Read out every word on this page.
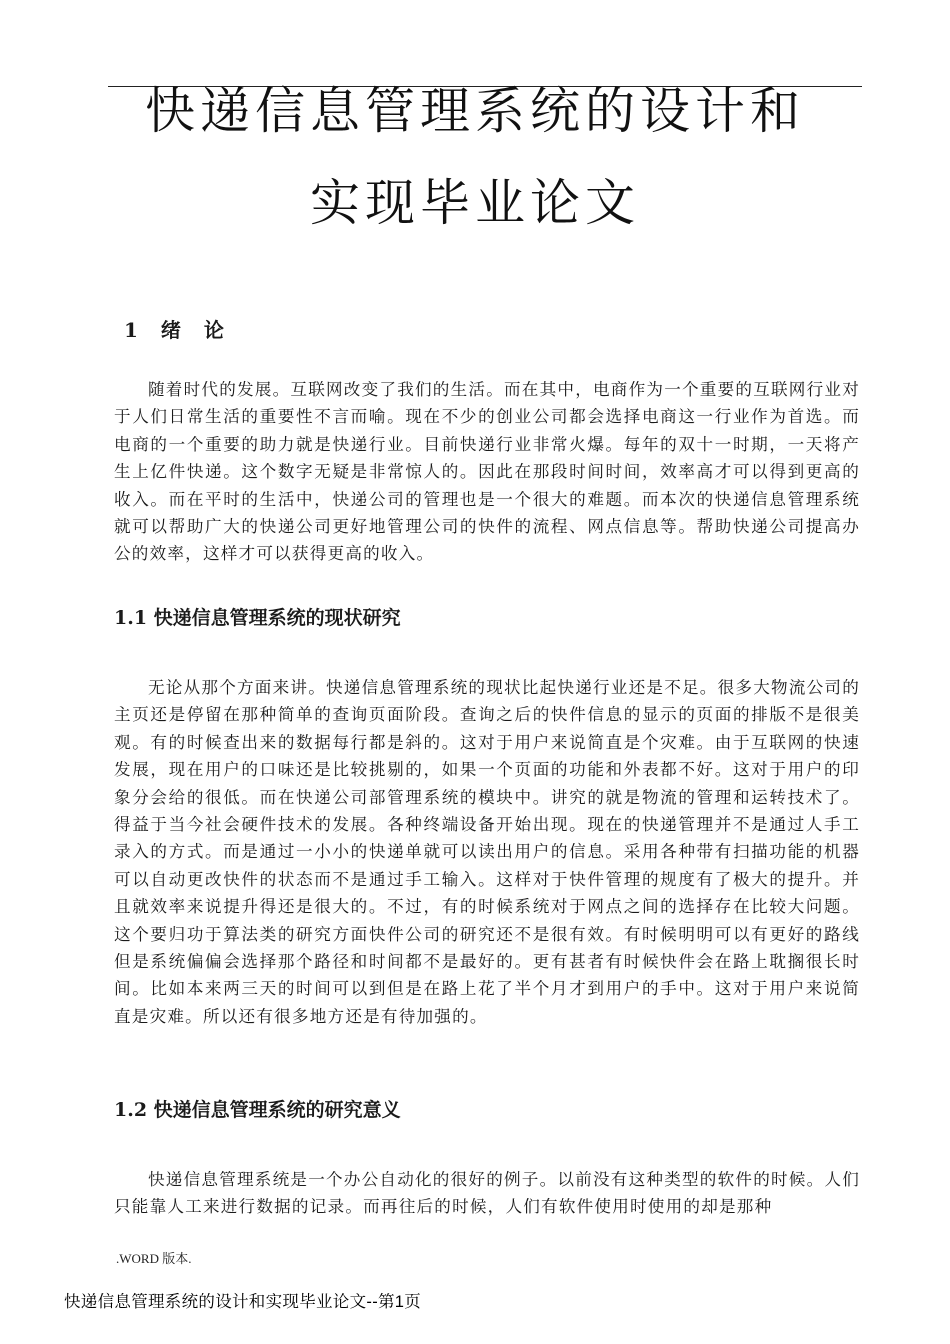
快递信息管理系统的设计和
实现毕业论文
1 绪 论

随着时代的发展。互联网改变了我们的生活。而在其中，电商作为一个重要的互联网行业对于人们日常生活的重要性不言而喻。现在不少的创业公司都会选择电商这一行业作为首选。而电商的一个重要的助力就是快递行业。目前快递行业非常火爆。每年的双十一时期，一天将产生上亿件快递。这个数字无疑是非常惊人的。因此在那段时间时间，效率高才可以得到更高的收入。而在平时的生活中，快递公司的管理也是一个很大的难题。而本次的快递信息管理系统就可以帮助广大的快递公司更好地管理公司的快件的流程、网点信息等。帮助快递公司提高办公的效率，这样才可以获得更高的收入。

1.1 快递信息管理系统的现状研究

无论从那个方面来讲。快递信息管理系统的现状比起快递行业还是不足。很多大物流公司的主页还是停留在那种简单的查询页面阶段。查询之后的快件信息的显示的页面的排版不是很美观。有的时候查出来的数据每行都是斜的。这对于用户来说简直是个灾难。由于互联网的快速发展，现在用户的口味还是比较挑剔的，如果一个页面的功能和外表都不好。这对于用户的印象分会给的很低。而在快递公司部管理系统的模块中。讲究的就是物流的管理和运转技术了。得益于当今社会硬件技术的发展。各种终端设备开始出现。现在的快递管理并不是通过人手工录入的方式。而是通过一小小的快递单就可以读出用户的信息。采用各种带有扫描功能的机器可以自动更改快件的状态而不是通过手工输入。这样对于快件管理的规度有了极大的提升。并且就效率来说提升得还是很大的。不过，有的时候系统对于网点之间的选择存在比较大问题。这个要归功于算法类的研究方面快件公司的研究还不是很有效。有时候明明可以有更好的路线但是系统偏偏会选择那个路径和时间都不是最好的。更有甚者有时候快件会在路上耽搁很长时间。比如本来两三天的时间可以到但是在路上花了半个月才到用户的手中。这对于用户来说简直是灾难。所以还有很多地方还是有待加强的。

1.2 快递信息管理系统的研究意义

快递信息管理系统是一个办公自动化的很好的例子。以前没有这种类型的软件的时候。人们只能靠人工来进行数据的记录。而再往后的时候，人们有软件使用时使用的却是那种

.WORD 版本.
快递信息管理系统的设计和实现毕业论文--第1页
